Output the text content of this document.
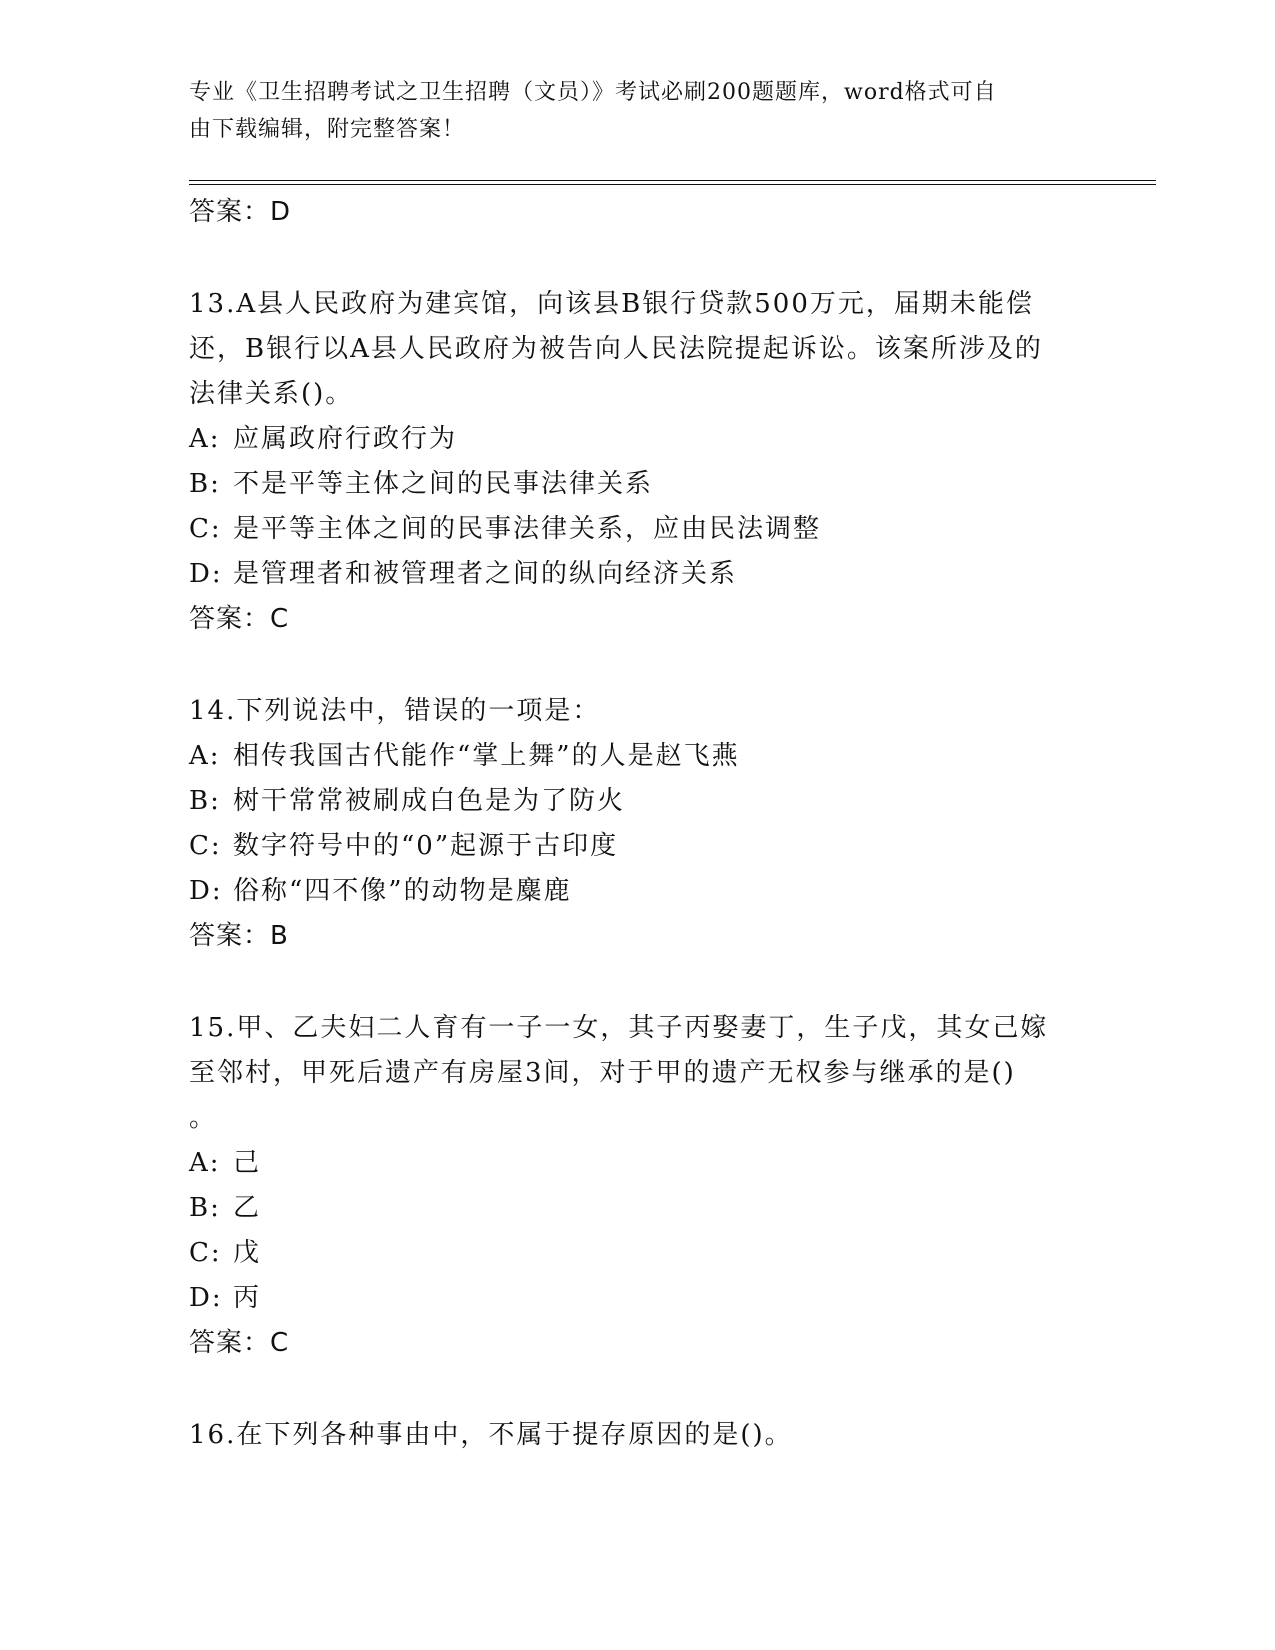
专业《卫生招聘考试之卫生招聘（文员）》考试必刷200题题库，word格式可自
由下载编辑，附完整答案！
答案：D
13.A县人民政府为建宾馆，向该县B银行贷款500万元，届期未能偿
还，B银行以A县人民政府为被告向人民法院提起诉讼。该案所涉及的
法律关系()。
A: 应属政府行政行为
B: 不是平等主体之间的民事法律关系
C: 是平等主体之间的民事法律关系，应由民法调整
D: 是管理者和被管理者之间的纵向经济关系
答案：C
14.下列说法中，错误的一项是：
A: 相传我国古代能作“掌上舞”的人是赵飞燕
B: 树干常常被刷成白色是为了防火
C: 数字符号中的“0”起源于古印度
D: 俗称“四不像”的动物是麋鹿
答案：B
15.甲、乙夫妇二人育有一子一女，其子丙娶妻丁，生子戊，其女己嫁
至邻村，甲死后遗产有房屋3间，对于甲的遗产无权参与继承的是()
。
A: 己
B: 乙
C: 戊
D: 丙
答案：C
16.在下列各种事由中，不属于提存原因的是()。
